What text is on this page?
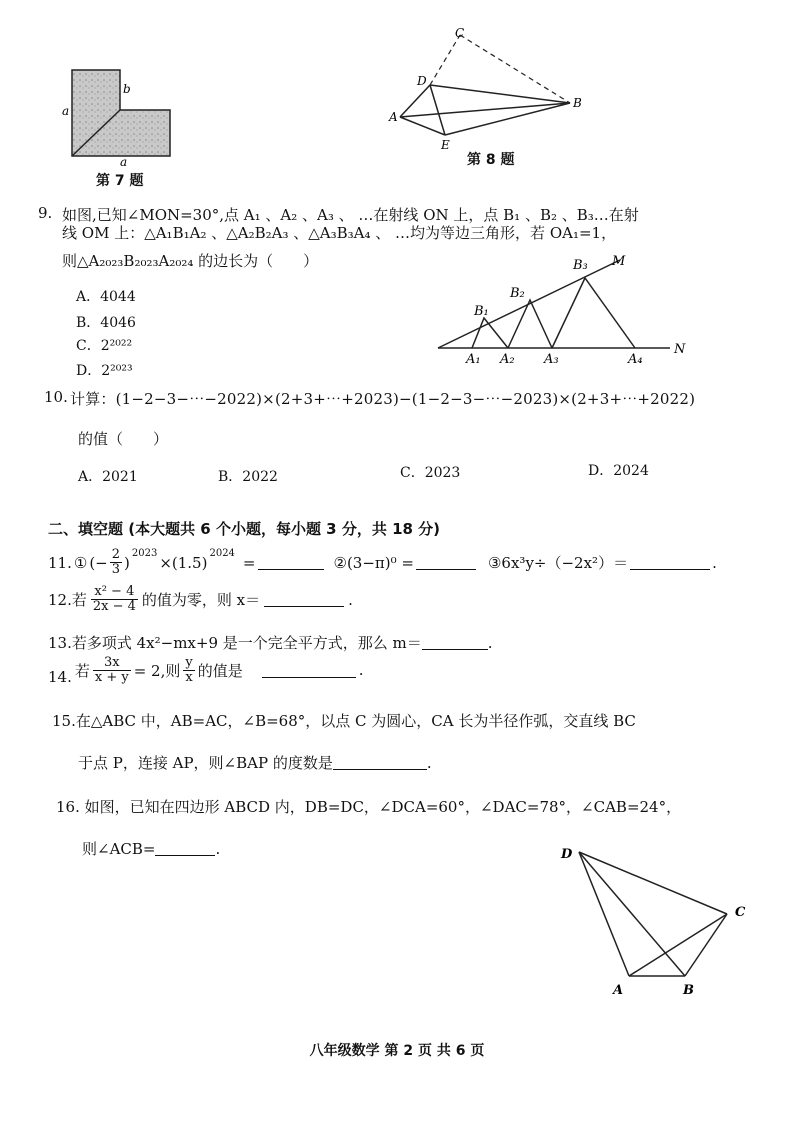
a
b
a
第 7 题
C
D
A
B
E
第 8 题
9. 如图,已知∠MON=30°,点 A₁ 、A₂ 、A₃ 、 …在射线 ON 上，点 B₁ 、B₂ 、B₃…在射
线 OM 上：△A₁B₁A₂ 、△A₂B₂A₃ 、△A₃B₃A₄ 、 …均为等边三角形，若 OA₁=1，
则△A₂₀₂₃B₂₀₂₃A₂₀₂₄ 的边长为（　　）
A．4044
B．4046
C．2²⁰²²
D．2²⁰²³
B₃ M
B₂
B₁
A₁ A₂ A₃	A₄
N
10. 计算：(1−2−3−⋯−2022)×(2+3+⋯+2023)−(1−2−3−⋯−2023)×(2+3+⋯+2022)
的值（　　）
A．2021	B．2022	C．2023	D．2024
二、填空题 (本大题共 6 个小题，每小题 3 分，共 18 分)
11. ① (− $\frac{2}{3} )^{2023} \times(1.5)^{2024}$ =	②(3−π)⁰ =	③6x³y÷（−2x²）＝	.
12.若 $\frac{\text{x² − 4}}{2x - 4}$ 的值为零，则 x＝	.
13.若多项式 4x²−mx+9 是一个完全平方式，那么 m＝	.
14. 若 $\frac{3x}{x + y} = 2$,则 $\frac{y}{x}$ 的值是	.
15.在△ABC 中，AB=AC，∠B=68°，以点 C 为圆心，CA 长为半径作弧，交直线 BC
于点 P，连接 AP，则∠BAP 的度数是	.
16. 如图，已知在四边形 ABCD 内，DB=DC，∠DCA=60°，∠DAC=78°，∠CAB=24°，
则∠ACB=	.	D
C
A	B
八年级数学 第 2 页 共 6 页
